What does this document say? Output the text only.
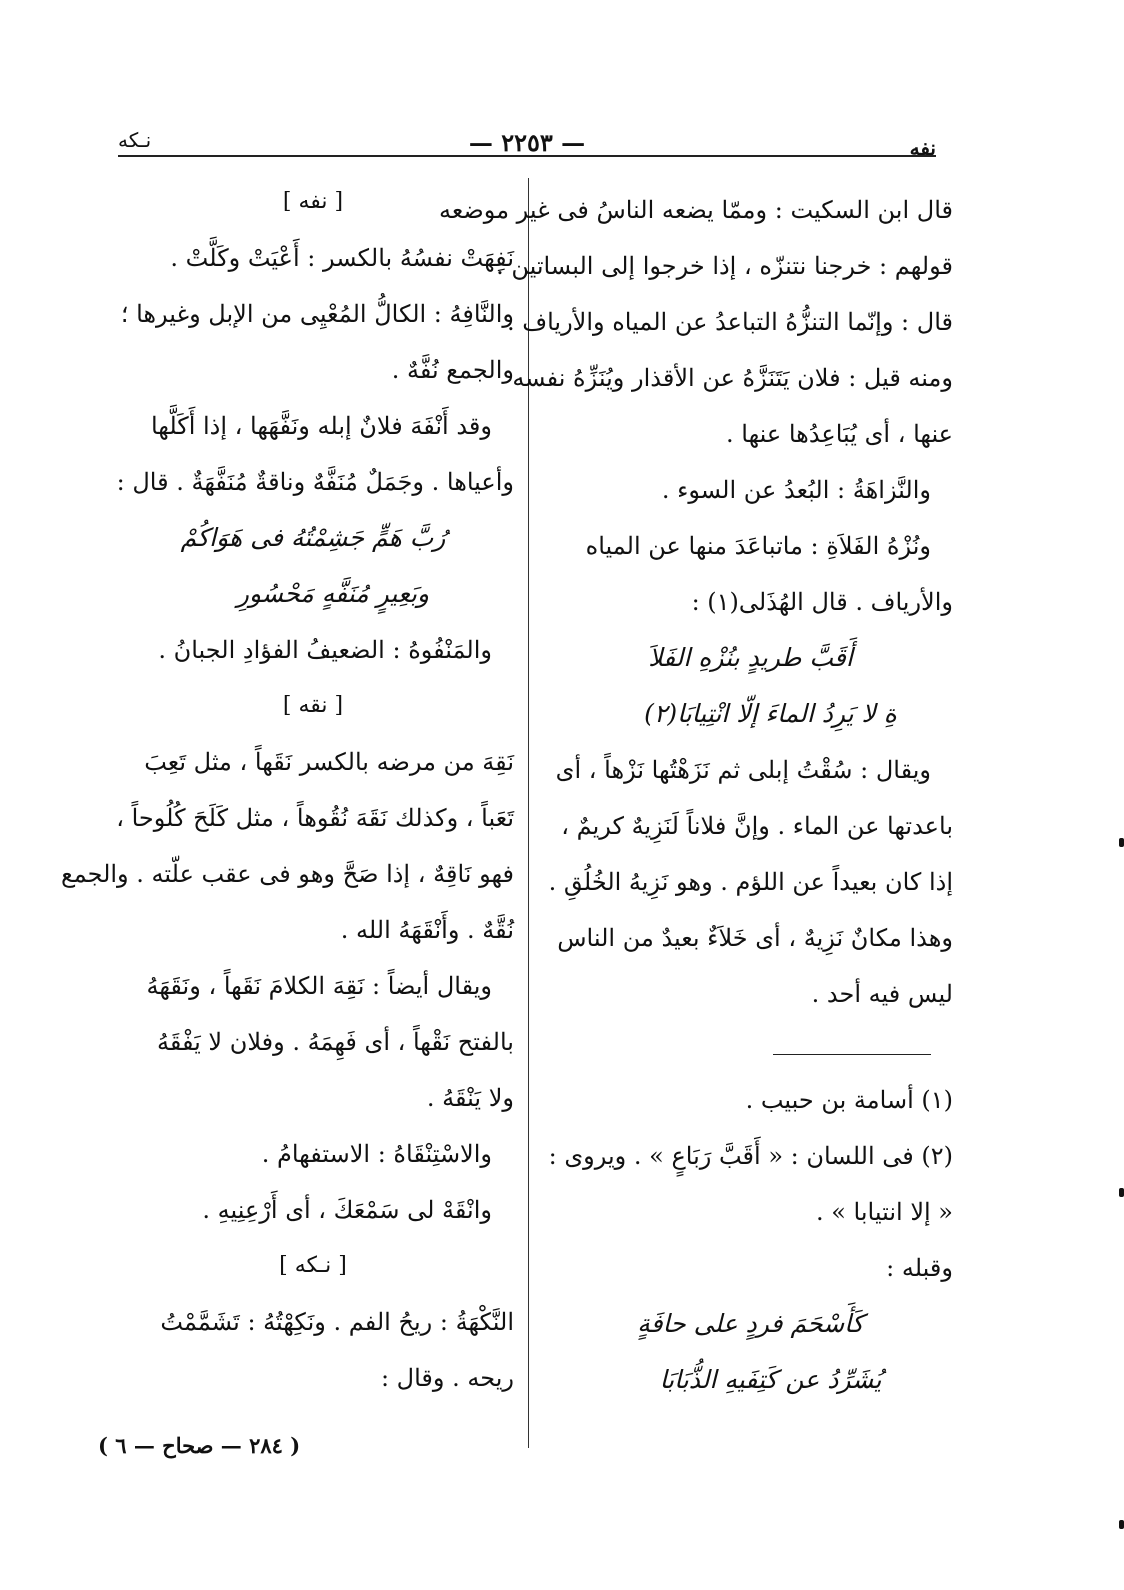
نـكه	— ٢٢٥٣ —	نفه
قال ابن السكيت : وممّا يضعه الناسُ فى غير موضعه
قولهم : خرجنا نتنزّه ، إذا خرجوا إلى البساتين .
قال : وإنّما التنزُّهُ التباعدُ عن المياه والأرياف .
ومنه قيل : فلان يَتَنَزَّهُ عن الأقذار ويُنَزِّهُ نفسه
عنها ، أى يُبَاعِدُها عنها .
والنَّزاهَةُ : البُعدُ عن السوء .
ونُزْهُ الفَلاَةِ : ماتباعَدَ منها عن المياه
والأرياف . قال الهُذَلى(١) :
أَقَبَّ طريدٍ بنُزْهِ الفَلاَ
ةِ لا يَرِدُ الماءَ إلّا انْتِيابَا(٢)
ويقال : سُقْتُ إبلى ثم نَزَهْتُها نَزْهاً ، أى
باعدتها عن الماء . وإنَّ فلاناً لَنَزِيهٌ كريمٌ ،
إذا كان بعيداً عن اللؤم . وهو نَزِيهُ الخُلُقِ .
وهذا مكانٌ نَزِيهٌ ، أى خَلاَءٌ بعيدٌ من الناس
ليس فيه أحد .
(١) أسامة بن حبيب .
(٢) فى اللسان : « أَقَبَّ رَبَاعٍ » . ويروى :
« إلا انتيابا » .
وقبله :
كَأَسْحَمَ فردٍ على حافَةٍ
يُشَرِّدُ عن كَتِفَيهِ الذُّبَابَا
[ نفه ]
نَفِهَتْ نفسُهُ بالكسر : أَعْيَتْ وكَلَّتْ .
والنَّافِهُ : الكالُّ المُعْيِى من الإبل وغيرها ؛
والجمع نُفَّهٌ .
وقد أَنْفَهَ فلانٌ إبله ونَفَّهَها ، إذا أَكَلَّها
وأعياها . وجَمَلٌ مُنَفَّهٌ وناقةٌ مُنَفَّهَةٌ . قال :
رُبَّ هَمٍّ جَشِمْتُهُ فى هَوَاكُمْ
وبَعِيرٍ مُنَفَّهٍ مَحْسُورِ
والمَنْفُوهُ : الضعيفُ الفؤادِ الجبانُ .
[ نقه ]
نَقِهَ من مرضه بالكسر نَقَهاً ، مثل تَعِبَ
تَعَباً ، وكذلك نَقَهَ نُقُوهاً ، مثل كَلَحَ كُلُوحاً ،
فهو نَاقِهٌ ، إذا صَحَّ وهو فى عقب علّته . والجمع
نُقَّهٌ . وأَنْقَهَهُ الله .
ويقال أيضاً : نَقِهَ الكلامَ نَقَهاً ، ونَقَهَهُ
بالفتح نَقْهاً ، أى فَهِمَهُ . وفلان لا يَفْقَهُ
ولا يَنْقَهُ .
والاسْتِنْقَاهُ : الاستفهامُ .
وانْقَهْ لى سَمْعَكَ ، أى أَرْعِنِيهِ .
[ نـكه ]
النَّكْهَةُ : ريحُ الفم . ونَكِهْتُهُ : تَشَمَّمْتُ
ريحه . وقال :
( ٢٨٤ — صحاح — ٦ )
